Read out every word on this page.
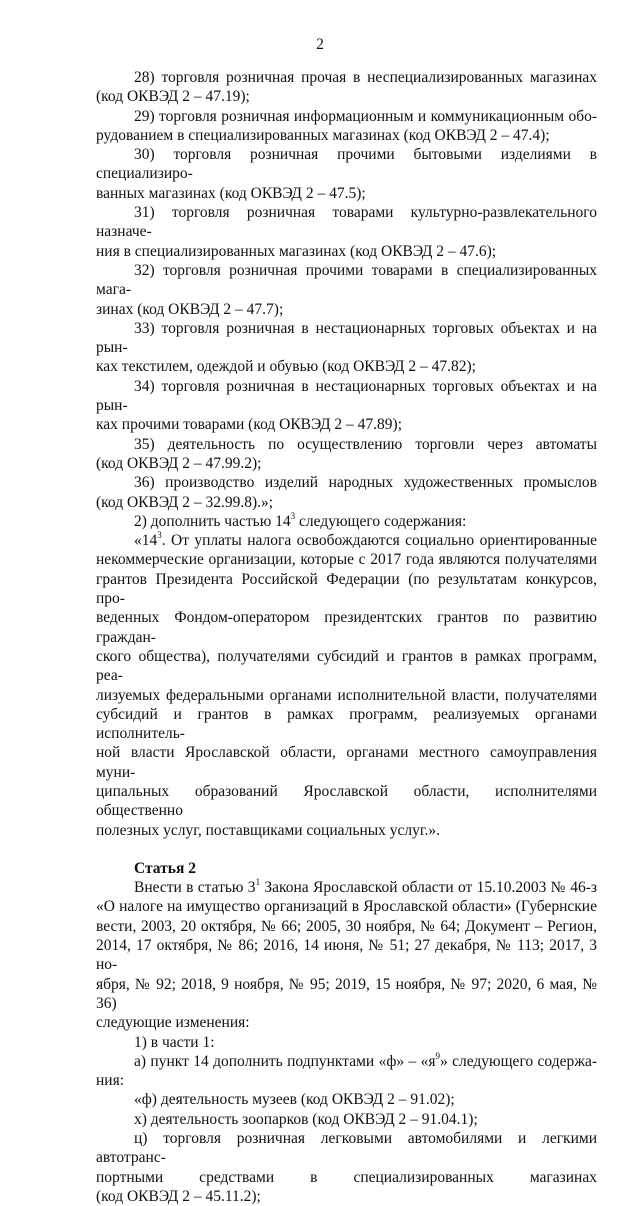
2

28) торговля розничная прочая в неспециализированных магазинах

(код ОКВЭД 2 – 47.19);

29) торговля розничная информационным и коммуникационным обо-

рудованием в специализированных магазинах (код ОКВЭД 2 – 47.4);

30) торговля розничная прочими бытовыми изделиями в специализиро-

ванных магазинах (код ОКВЭД 2 – 47.5);

31) торговля розничная товарами культурно-развлекательного назначе-

ния в специализированных магазинах (код ОКВЭД 2 – 47.6);

32) торговля розничная прочими товарами в специализированных мага-

зинах (код ОКВЭД 2 – 47.7);

33) торговля розничная в нестационарных торговых объектах и на рын-

ках текстилем, одеждой и обувью (код ОКВЭД 2 – 47.82);

34) торговля розничная в нестационарных торговых объектах и на рын-

ках прочими товарами (код ОКВЭД 2 – 47.89);

35) деятельность по осуществлению торговли через автоматы

(код ОКВЭД 2 – 47.99.2);

36) производство изделий народных художественных промыслов

(код ОКВЭД 2 – 32.99.8).»;

2) дополнить частью $14^3$ следующего содержания:

«$14^3$. От уплаты налога освобождаются социально ориентированные

некоммерческие организации, которые с 2017 года являются получателями

грантов Президента Российской Федерации (по результатам конкурсов, про-

веденных Фондом-оператором президентских грантов по развитию граждан-

ского общества), получателями субсидий и грантов в рамках программ, реа-

лизуемых федеральными органами исполнительной власти, получателями

субсидий и грантов в рамках программ, реализуемых органами исполнитель-

ной власти Ярославской области, органами местного самоуправления муни-

ципальных образований Ярославской области, исполнителями общественно

полезных услуг, поставщиками социальных услуг.».

Статья 2

Внести в статью $3^1$ Закона Ярославской области от 15.10.2003 № 46-з

«О налоге на имущество организаций в Ярославской области» (Губернские

вести, 2003, 20 октября, № 66; 2005, 30 ноября, № 64; Документ – Регион,

2014, 17 октября, № 86; 2016, 14 июня, № 51; 27 декабря, № 113; 2017, 3 но-

ября, № 92; 2018, 9 ноября, № 95; 2019, 15 ноября, № 97; 2020, 6 мая, № 36)

следующие изменения:

1) в части 1:

а) пункт 14 дополнить подпунктами «ф» – «$я^9$» следующего содержа-

ния:

«ф) деятельность музеев (код ОКВЭД 2 – 91.02);

х) деятельность зоопарков (код ОКВЭД 2 – 91.04.1);

ц) торговля розничная легковыми автомобилями и легкими автотранс-

портными средствами в специализированных магазинах

(код ОКВЭД 2 – 45.11.2);
